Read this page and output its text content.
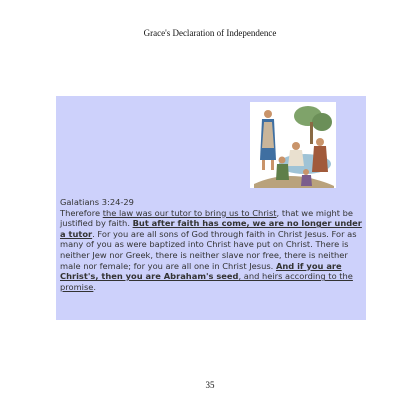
Grace's Declaration of Independence
Galatians 3:24-29
Therefore the law was our tutor to bring us to Christ, that we might be justified by faith. But after faith has come, we are no longer under a tutor. For you are all sons of God through faith in Christ Jesus. For as many of you as were baptized into Christ have put on Christ. There is neither Jew nor Greek, there is neither slave nor free, there is neither male nor female; for you are all one in Christ Jesus. And if you are Christ's, then you are Abraham's seed, and heirs according to the promise.
35
